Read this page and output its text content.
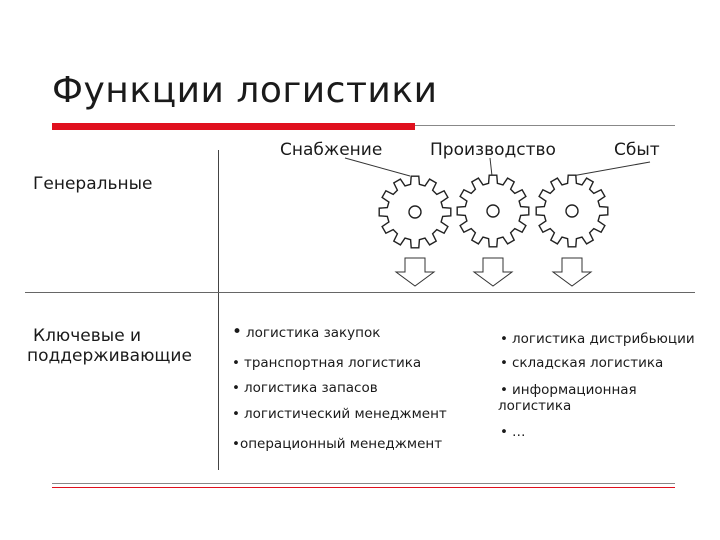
Функции логистики
Снабжение	Производство	Сбыт
Генеральные
Ключевые и
поддерживающие
• логистика закупок
• транспортная логистика
• логистика запасов
• логистический менеджмент
•операционный менеджмент
• логистика дистрибьюции
• складская логистика
• информационная
логистика
• …
